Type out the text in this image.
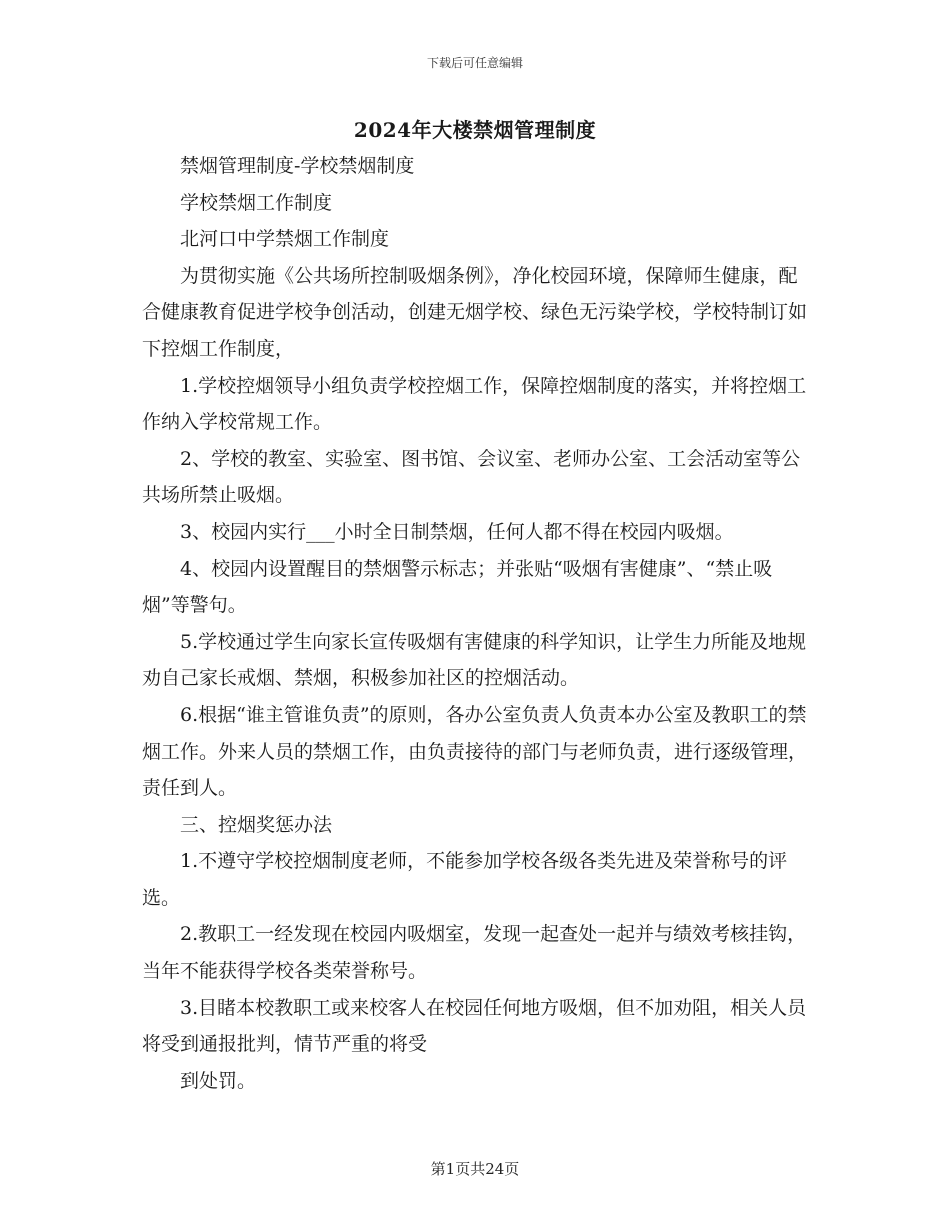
下载后可任意编辑
2024年大楼禁烟管理制度

禁烟管理制度-学校禁烟制度

学校禁烟工作制度

北河口中学禁烟工作制度

为贯彻实施《公共场所控制吸烟条例》，净化校园环境，保障师生健康，配合健康教育促进学校争创活动，创建无烟学校、绿色无污染学校，学校特制订如下控烟工作制度，

1.学校控烟领导小组负责学校控烟工作，保障控烟制度的落实，并将控烟工作纳入学校常规工作。

2、学校的教室、实验室、图书馆、会议室、老师办公室、工会活动室等公共场所禁止吸烟。

3、校园内实行___小时全日制禁烟，任何人都不得在校园内吸烟。

4、校园内设置醒目的禁烟警示标志；并张贴“吸烟有害健康”、“禁止吸烟”等警句。

5.学校通过学生向家长宣传吸烟有害健康的科学知识，让学生力所能及地规劝自己家长戒烟、禁烟，积极参加社区的控烟活动。

6.根据“谁主管谁负责”的原则，各办公室负责人负责本办公室及教职工的禁烟工作。外来人员的禁烟工作，由负责接待的部门与老师负责，进行逐级管理，责任到人。

三、控烟奖惩办法

1.不遵守学校控烟制度老师，不能参加学校各级各类先进及荣誉称号的评选。

2.教职工一经发现在校园内吸烟室，发现一起查处一起并与绩效考核挂钩，当年不能获得学校各类荣誉称号。

3.目睹本校教职工或来校客人在校园任何地方吸烟，但不加劝阻，相关人员将受到通报批判，情节严重的将受

到处罚。

第1页共24页
